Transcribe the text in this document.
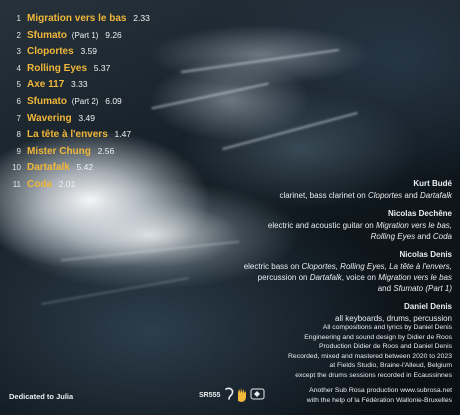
1 Migration vers le bas 2.33
2 Sfumato (Part 1) 9.26
3 Cloportes 3.59
4 Rolling Eyes 5.37
5 Axe 117 3.33
6 Sfumato (Part 2) 6.09
7 Wavering 3.49
8 La tête à l'envers 1.47
9 Mister Chung 2.56
10 Dartafalk 5.42
11 Coda 2.01	Kurt Budé
clarinet, bass clarinet on Cloportes and Dartafalk
Nicolas Dechêne
electric and acoustic guitar on Migration vers le bas,
Rolling Eyes and Coda
Nicolas Denis
electric bass on Cloportes, Rolling Eyes, La tête à l'envers,
percussion on Dartafalk, voice on Migration vers le bas
and Sfumato (Part 1)
Daniel Denis
all keyboards, drums, percussion
All compositions and lyrics by Daniel Denis
Engineering and sound design by Didier de Roos
Production Didier de Roos and Daniel Denis
Recorded, mixed and mastered between 2020 to 2023
at Fields Studio, Braine-l'Alleud, Belgium
except the drums sessions recorded in Ecaussinnes
Dedicated to Julia	SR555
Another Sub Rosa production www.subrosa.net
with the help of la Fédération Wallonie-Bruxelles
